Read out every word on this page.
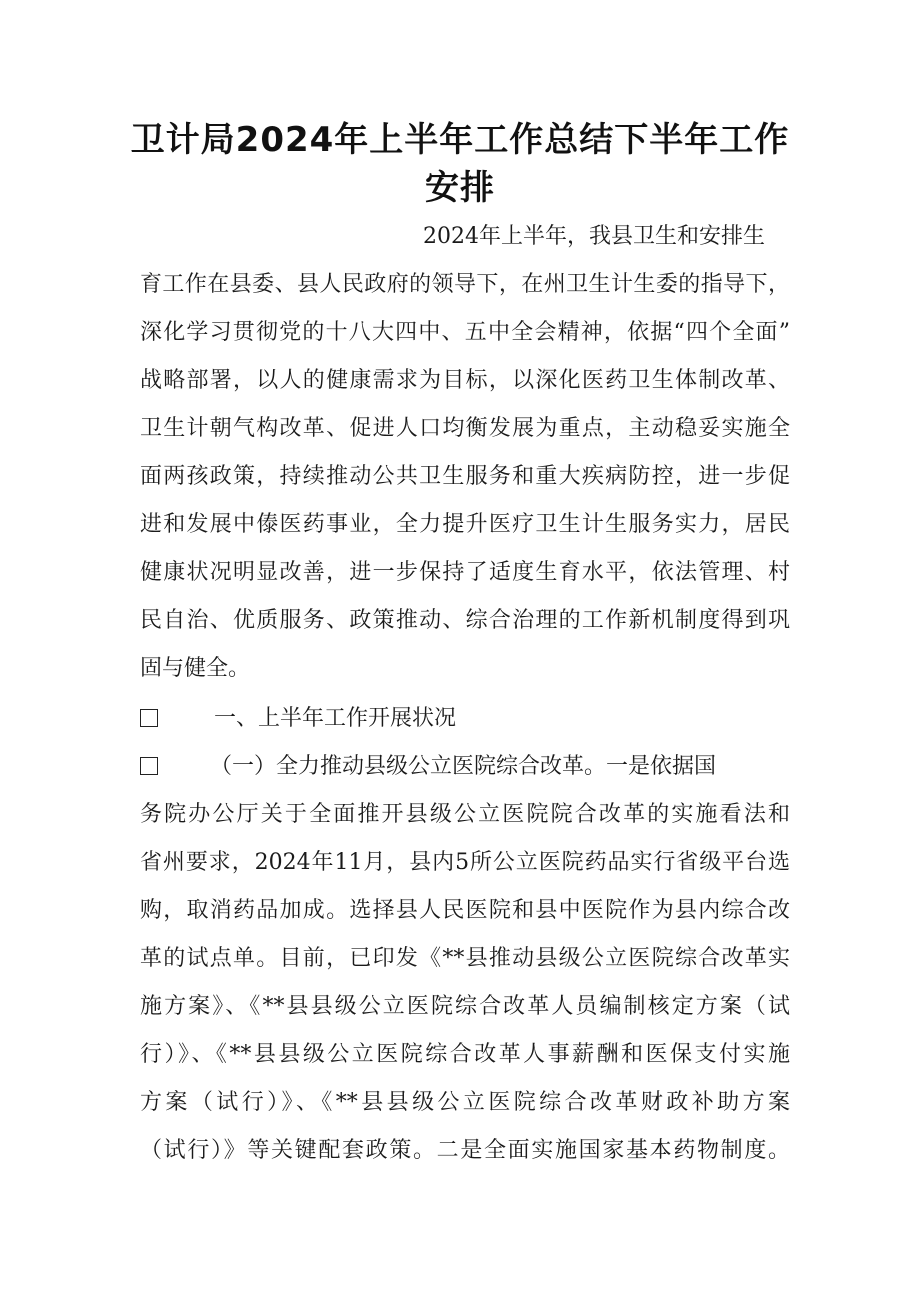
卫计局2024年上半年工作总结下半年工作
安排
2024年上半年，我县卫生和安排生
育工作在县委、县人民政府的领导下，在州卫生计生委的指导下，
深化学习贯彻党的十八大四中、五中全会精神，依据“四个全面”
战略部署，以人的健康需求为目标，以深化医药卫生体制改革、
卫生计朝气构改革、促进人口均衡发展为重点，主动稳妥实施全
面两孩政策，持续推动公共卫生服务和重大疾病防控，进一步促
进和发展中傣医药事业，全力提升医疗卫生计生服务实力，居民
健康状况明显改善，进一步保持了适度生育水平，依法管理、村
民自治、优质服务、政策推动、综合治理的工作新机制度得到巩
固与健全。
一、上半年工作开展状况
（一）全力推动县级公立医院综合改革。一是依据国
务院办公厅关于全面推开县级公立医院院合改革的实施看法和
省州要求，2024年11月，县内5所公立医院药品实行省级平台选
购，取消药品加成。选择县人民医院和县中医院作为县内综合改
革的试点单。目前，已印发《**县推动县级公立医院综合改革实
施方案》、《**县县级公立医院综合改革人员编制核定方案（试
行）》、《**县县级公立医院综合改革人事薪酬和医保支付实施
方案（试行）》、《**县县级公立医院综合改革财政补助方案
（试行）》等关键配套政策。二是全面实施国家基本药物制度。
